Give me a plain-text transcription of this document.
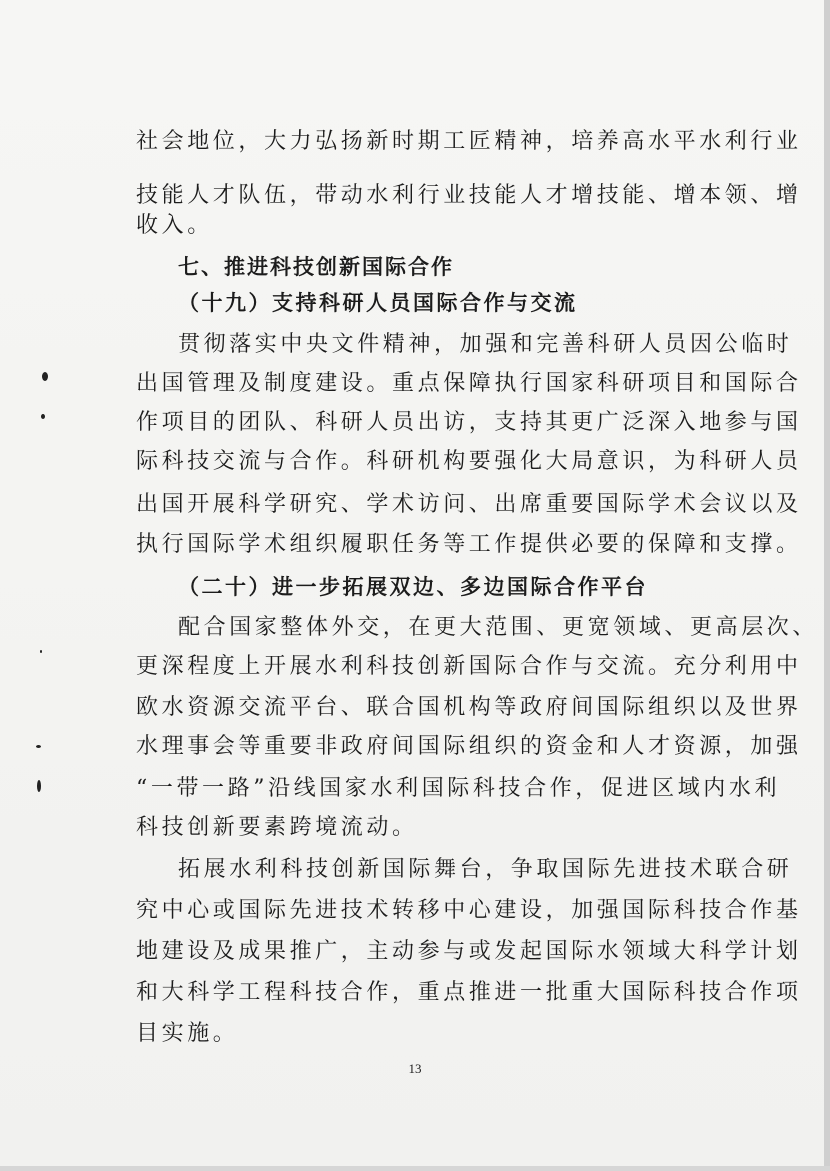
社会地位，大力弘扬新时期工匠精神，培养高水平水利行业
技能人才队伍，带动水利行业技能人才增技能、增本领、增
收入。
七、推进科技创新国际合作
（十九）支持科研人员国际合作与交流
贯彻落实中央文件精神，加强和完善科研人员因公临时
出国管理及制度建设。重点保障执行国家科研项目和国际合
作项目的团队、科研人员出访，支持其更广泛深入地参与国
际科技交流与合作。科研机构要强化大局意识，为科研人员
出国开展科学研究、学术访问、出席重要国际学术会议以及
执行国际学术组织履职任务等工作提供必要的保障和支撑。
（二十）进一步拓展双边、多边国际合作平台
配合国家整体外交，在更大范围、更宽领域、更高层次、
更深程度上开展水利科技创新国际合作与交流。充分利用中
欧水资源交流平台、联合国机构等政府间国际组织以及世界
水理事会等重要非政府间国际组织的资金和人才资源，加强
“一带一路”沿线国家水利国际科技合作，促进区域内水利
科技创新要素跨境流动。
拓展水利科技创新国际舞台，争取国际先进技术联合研
究中心或国际先进技术转移中心建设，加强国际科技合作基
地建设及成果推广，主动参与或发起国际水领域大科学计划
和大科学工程科技合作，重点推进一批重大国际科技合作项
目实施。
13
